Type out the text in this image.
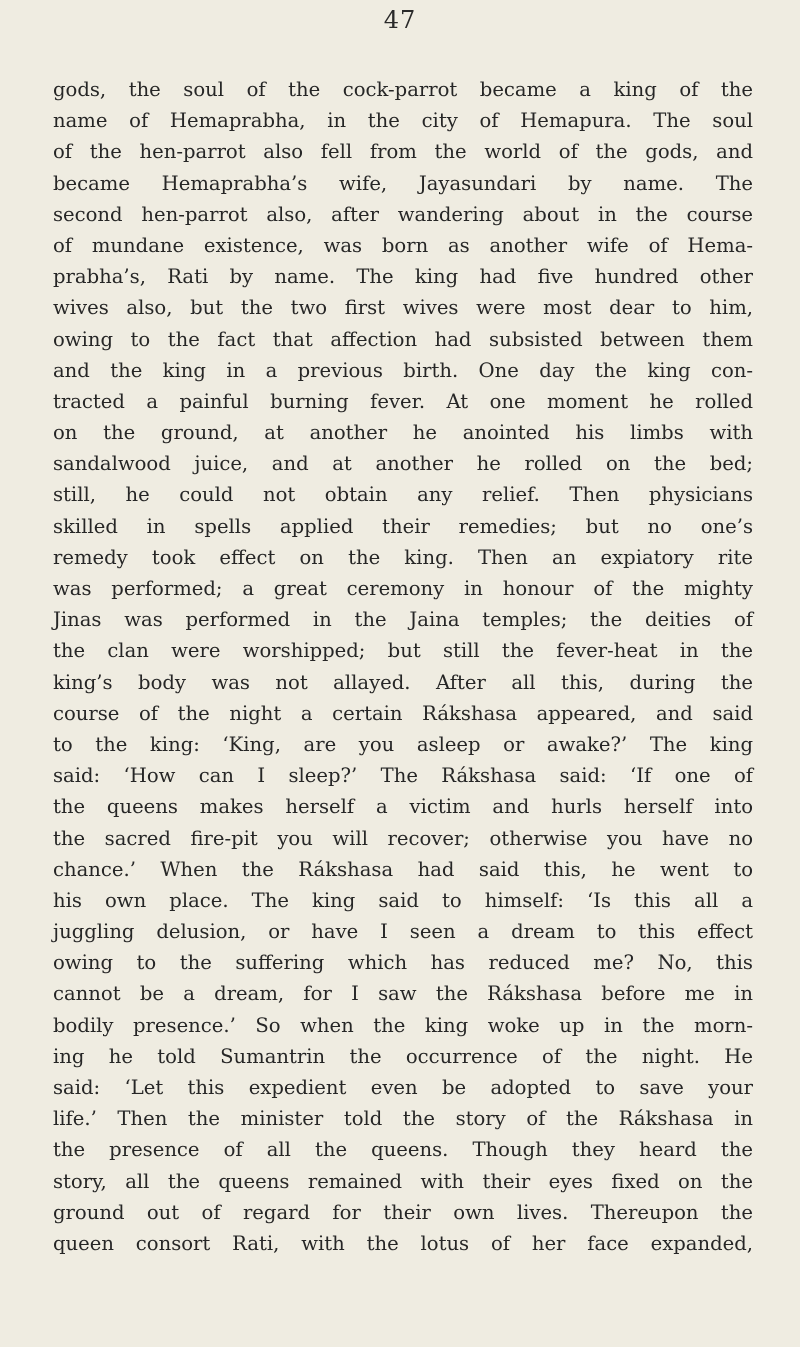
47
gods, the soul of the cock-parrot became a king of the
name of Hemaprabha, in the city of Hemapura. The soul
of the hen-parrot also fell from the world of the gods, and
became Hemaprabha’s wife, Jayasundari by name. The
second hen-parrot also, after wandering about in the course
of mundane existence, was born as another wife of Hema-
prabha’s, Rati by name. The king had five hundred other
wives also, but the two first wives were most dear to him,
owing to the fact that affection had subsisted between them
and the king in a previous birth. One day the king con-
tracted a painful burning fever. At one moment he rolled
on the ground, at another he anointed his limbs with
sandalwood juice, and at another he rolled on the bed;
still, he could not obtain any relief. Then physicians
skilled in spells applied their remedies; but no one’s
remedy took effect on the king. Then an expiatory rite
was performed; a great ceremony in honour of the mighty
Jinas was performed in the Jaina temples; the deities of
the clan were worshipped; but still the fever-heat in the
king’s body was not allayed. After all this, during the
course of the night a certain Rákshasa appeared, and said
to the king: ‘King, are you asleep or awake?’ The king
said: ‘How can I sleep?’ The Rákshasa said: ‘If one of
the queens makes herself a victim and hurls herself into
the sacred fire-pit you will recover; otherwise you have no
chance.’ When the Rákshasa had said this, he went to
his own place. The king said to himself: ‘Is this all a
juggling delusion, or have I seen a dream to this effect
owing to the suffering which has reduced me? No, this
cannot be a dream, for I saw the Rákshasa before me in
bodily presence.’ So when the king woke up in the morn-
ing he told Sumantrin the occurrence of the night. He
said: ‘Let this expedient even be adopted to save your
life.’ Then the minister told the story of the Rákshasa in
the presence of all the queens. Though they heard the
story, all the queens remained with their eyes fixed on the
ground out of regard for their own lives. Thereupon the
queen consort Rati, with the lotus of her face expanded,
